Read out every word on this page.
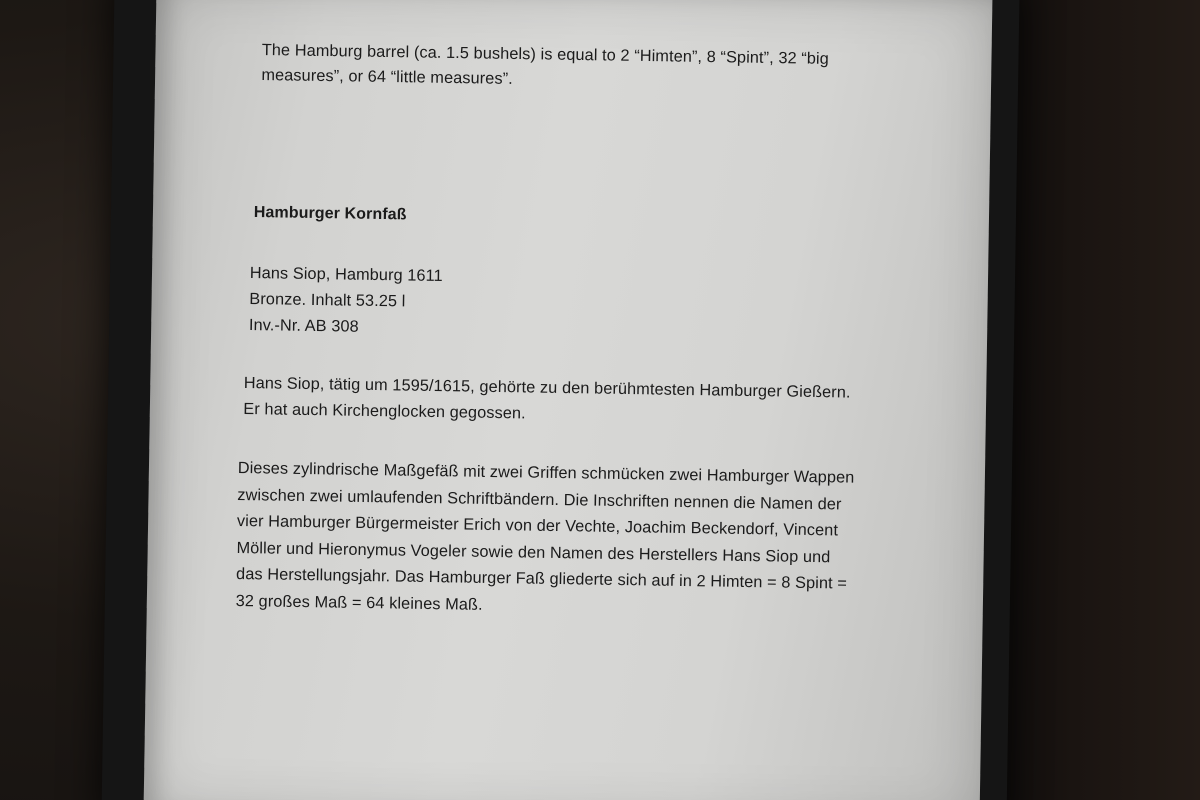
The Hamburg barrel (ca. 1.5 bushels) is equal to 2 “Himten”, 8 “Spint”, 32 “big
measures”, or 64 “little measures”.
Hamburger Kornfaß
Hans Siop, Hamburg 1611
Bronze. Inhalt 53.25 l
Inv.-Nr. AB 308
Hans Siop, tätig um 1595/1615, gehörte zu den berühmtesten Hamburger Gießern.
Er hat auch Kirchenglocken gegossen.
Dieses zylindrische Maßgefäß mit zwei Griffen schmücken zwei Hamburger Wappen
zwischen zwei umlaufenden Schriftbändern. Die Inschriften nennen die Namen der
vier Hamburger Bürgermeister Erich von der Vechte, Joachim Beckendorf, Vincent
Möller und Hieronymus Vogeler sowie den Namen des Herstellers Hans Siop und
das Herstellungsjahr. Das Hamburger Faß gliederte sich auf in 2 Himten = 8 Spint =
32 großes Maß = 64 kleines Maß.
